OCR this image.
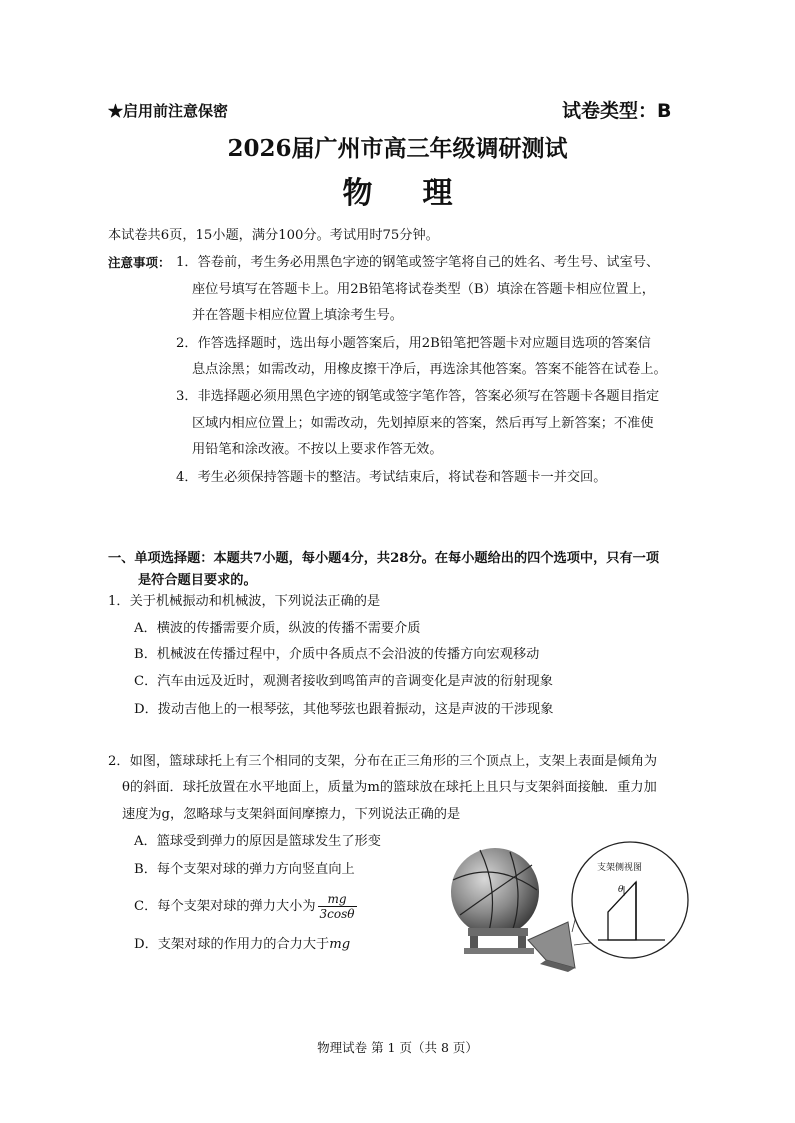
★启用前注意保密	试卷类型：B
2026届广州市高三年级调研测试
物理
本试卷共6页，15小题，满分100分。考试用时75分钟。
注意事项： 1．答卷前，考生务必用黑色字迹的钢笔或签字笔将自己的姓名、考生号、试室号、
座位号填写在答题卡上。用2B铅笔将试卷类型（B）填涂在答题卡相应位置上，
并在答题卡相应位置上填涂考生号。
2．作答选择题时，选出每小题答案后，用2B铅笔把答题卡对应题目选项的答案信
息点涂黑；如需改动，用橡皮擦干净后，再选涂其他答案。答案不能答在试卷上。
3．非选择题必须用黑色字迹的钢笔或签字笔作答，答案必须写在答题卡各题目指定
区域内相应位置上；如需改动，先划掉原来的答案，然后再写上新答案；不准使
用铅笔和涂改液。不按以上要求作答无效。
4．考生必须保持答题卡的整洁。考试结束后，将试卷和答题卡一并交回。
一、单项选择题：本题共7小题，每小题4分，共28分。在每小题给出的四个选项中，只有一项
是符合题目要求的。
1．关于机械振动和机械波，下列说法正确的是
A．横波的传播需要介质，纵波的传播不需要介质
B．机械波在传播过程中，介质中各质点不会沿波的传播方向宏观移动
C．汽车由远及近时，观测者接收到鸣笛声的音调变化是声波的衍射现象
D．拨动吉他上的一根琴弦，其他琴弦也跟着振动，这是声波的干涉现象
2．如图，篮球球托上有三个相同的支架，分布在正三角形的三个顶点上，支架上表面是倾角为
θ的斜面．球托放置在水平地面上，质量为m的篮球放在球托上且只与支架斜面接触．重力加
速度为g，忽略球与支架斜面间摩擦力，下列说法正确的是
A．篮球受到弹力的原因是篮球发生了形变
B．每个支架对球的弹力方向竖直向上
C．每个支架对球的弹力大小为 $\frac{mg}{3\cos\theta}$
D．支架对球的作用力的合力大于mg
支架侧视图
θ
物理试卷 第 1 页（共 8 页）
